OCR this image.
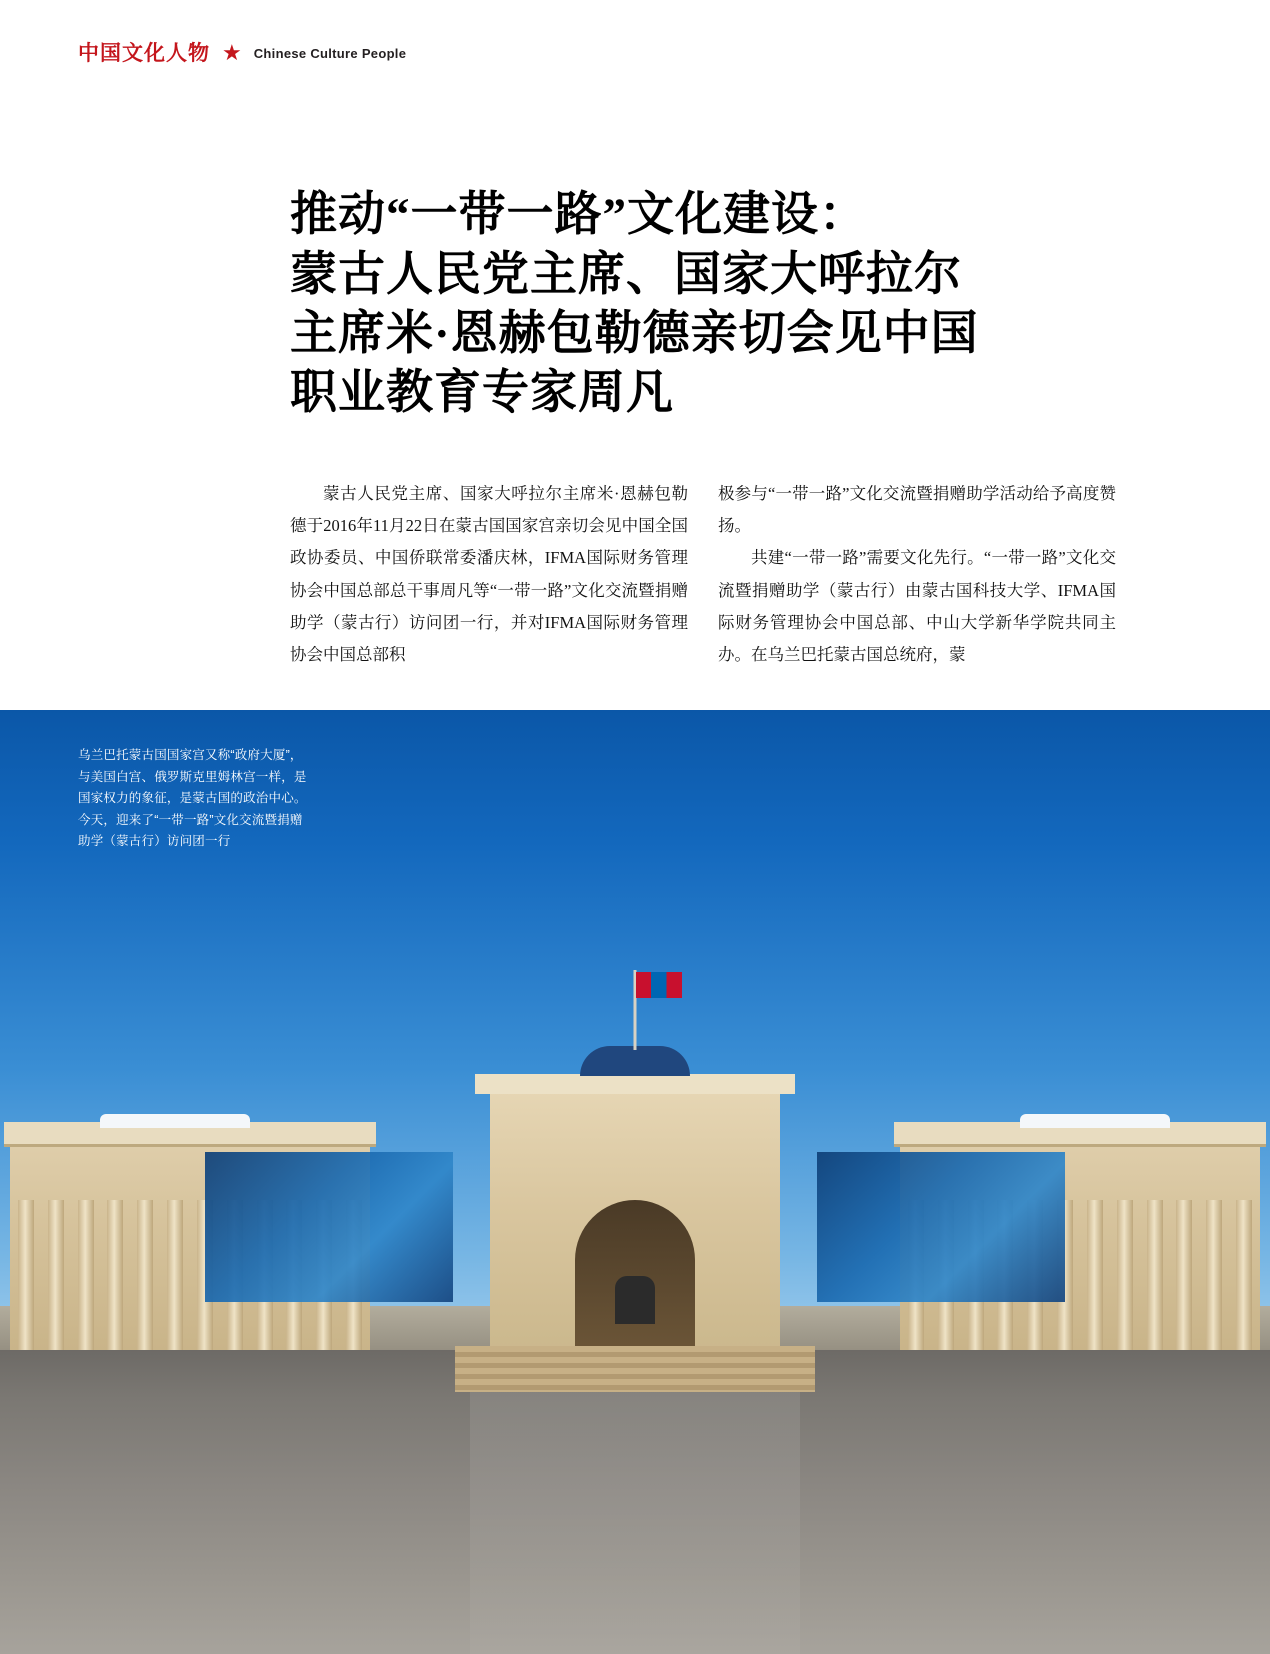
中国文化人物 ★ Chinese Culture People
推动“一带一路”文化建设：
蒙古人民党主席、国家大呼拉尔
主席米·恩赫包勒德亲切会见中国
职业教育专家周凡

蒙古人民党主席、国家大呼拉尔主席米·恩赫包勒德于2016年11月22日在蒙古国国家宫亲切会见中国全国政协委员、中国侨联常委潘庆林，IFMA国际财务管理协会中国总部总干事周凡等“一带一路”文化交流暨捐赠助学（蒙古行）访问团一行，并对IFMA国际财务管理协会中国总部积

极参与“一带一路”文化交流暨捐赠助学活动给予高度赞扬。

共建“一带一路”需要文化先行。“一带一路”文化交流暨捐赠助学（蒙古行）由蒙古国科技大学、IFMA国际财务管理协会中国总部、中山大学新华学院共同主办。在乌兰巴托蒙古国总统府，蒙

乌兰巴托蒙古国国家宫又称“政府大厦”，

与美国白宫、俄罗斯克里姆林宫一样，是

国家权力的象征，是蒙古国的政治中心。

今天，迎来了“一带一路”文化交流暨捐赠

助学（蒙古行）访问团一行
